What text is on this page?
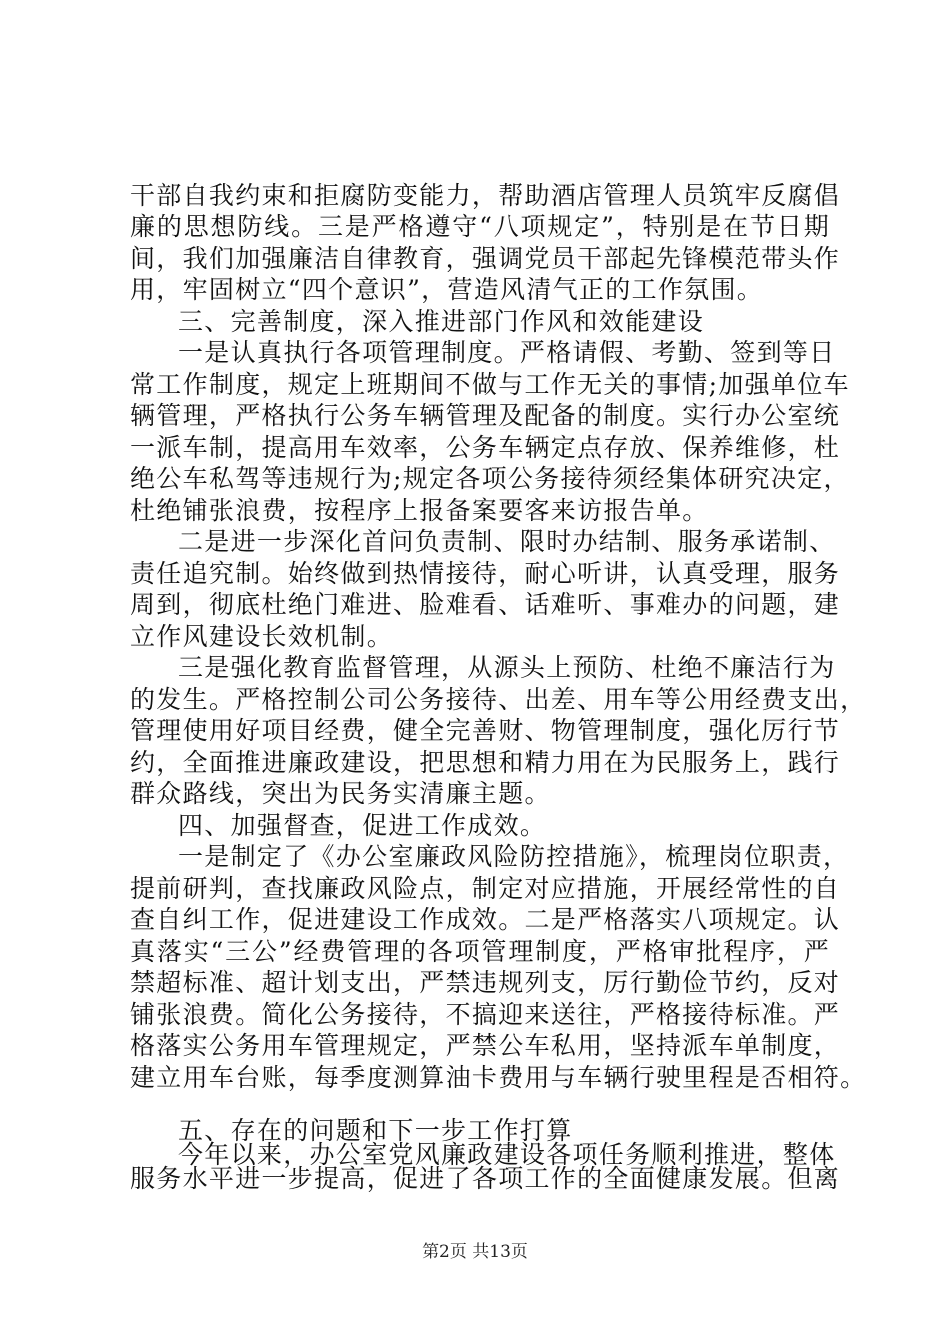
干部自我约束和拒腐防变能力，帮助酒店管理人员筑牢反腐倡
廉的思想防线。三是严格遵守“八项规定”，特别是在节日期
间，我们加强廉洁自律教育，强调党员干部起先锋模范带头作
用，牢固树立“四个意识”，营造风清气正的工作氛围。
三、完善制度，深入推进部门作风和效能建设
一是认真执行各项管理制度。严格请假、考勤、签到等日
常工作制度，规定上班期间不做与工作无关的事情;加强单位车
辆管理，严格执行公务车辆管理及配备的制度。实行办公室统
一派车制，提高用车效率，公务车辆定点存放、保养维修，杜
绝公车私驾等违规行为;规定各项公务接待须经集体研究决定，
杜绝铺张浪费，按程序上报备案要客来访报告单。
二是进一步深化首问负责制、限时办结制、服务承诺制、
责任追究制。始终做到热情接待，耐心听讲，认真受理，服务
周到，彻底杜绝门难进、脸难看、话难听、事难办的问题，建
立作风建设长效机制。
三是强化教育监督管理，从源头上预防、杜绝不廉洁行为
的发生。严格控制公司公务接待、出差、用车等公用经费支出，
管理使用好项目经费，健全完善财、物管理制度，强化厉行节
约，全面推进廉政建设，把思想和精力用在为民服务上，践行
群众路线，突出为民务实清廉主题。
四、加强督查，促进工作成效。
一是制定了《办公室廉政风险防控措施》，梳理岗位职责，
提前研判，查找廉政风险点，制定对应措施，开展经常性的自
查自纠工作，促进建设工作成效。二是严格落实八项规定。认
真落实“三公”经费管理的各项管理制度，严格审批程序，严
禁超标准、超计划支出，严禁违规列支，厉行勤俭节约，反对
铺张浪费。简化公务接待，不搞迎来送往，严格接待标准。严
格落实公务用车管理规定，严禁公车私用，坚持派车单制度，
建立用车台账，每季度测算油卡费用与车辆行驶里程是否相符。
五、存在的问题和下一步工作打算
今年以来，办公室党风廉政建设各项任务顺利推进，整体
服务水平进一步提高，促进了各项工作的全面健康发展。但离
第2页 共13页
